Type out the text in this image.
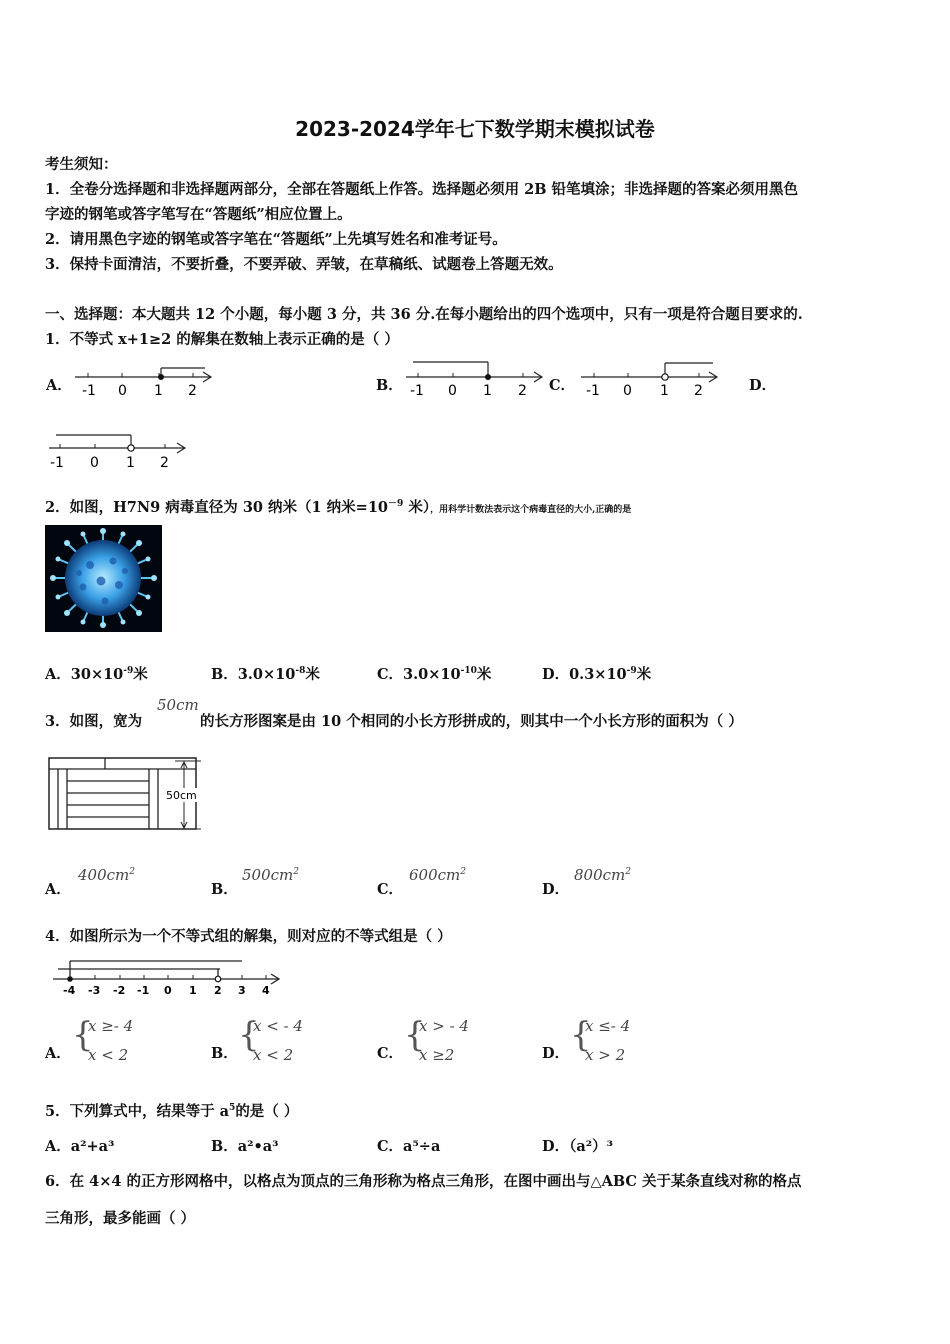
2023-2024学年七下数学期末模拟试卷
考生须知：
1．全卷分选择题和非选择题两部分，全部在答题纸上作答。选择题必须用 2B 铅笔填涂；非选择题的答案必须用黑色
字迹的钢笔或答字笔写在“答题纸”相应位置上。
2．请用黑色字迹的钢笔或答字笔在“答题纸”上先填写姓名和准考证号。
3．保持卡面清洁，不要折叠，不要弄破、弄皱，在草稿纸、试题卷上答题无效。
一、选择题：本大题共 12 个小题，每小题 3 分，共 36 分.在每小题给出的四个选项中，只有一项是符合题目要求的.
1．不等式 x+1≥2 的解集在数轴上表示正确的是（ ）
A．	B．	C．	D．
-1 0 1 2	-1 0 1 2	-1 0 1 2
-1 0 1 2
2．如图，H7N9 病毒直径为 30 纳米（1 纳米$=10^{-9}$ 米），用科学计数法表示这个病毒直径的大小,正确的是
A．$30\times 10^{-9}$米	B．$3.0\times 10^{-8}$米	C．$3.0\times 10^{-10}$米	D．$0.3\times 10^{-9}$米
3．如图，宽为
50cm
的长方形图案是由 10 个相同的小长方形拼成的，则其中一个小长方形的面积为（ ）
50cm
A．
$400cm^2$
B．
$500cm^2$
C．
$600cm^2$
D．
$800cm^2$
4．如图所示为一个不等式组的解集，则对应的不等式组是（ ）
-4 -3 -2 -1 0 1 2 3 4
A． {
x ≥- 4
x < 2	B． {
x < - 4
x < 2	C． {
x > - 4
x ≥2	D． {
x ≤- 4
x > 2
5．下列算式中，结果等于 $a^5$的是（ ）
A．a²+a³	B．a²•a³	C．a⁵÷a	D．（a²）³
6．在 4×4 的正方形网格中，以格点为顶点的三角形称为格点三角形，在图中画出与△ABC 关于某条直线对称的格点
三角形，最多能画（ ）
